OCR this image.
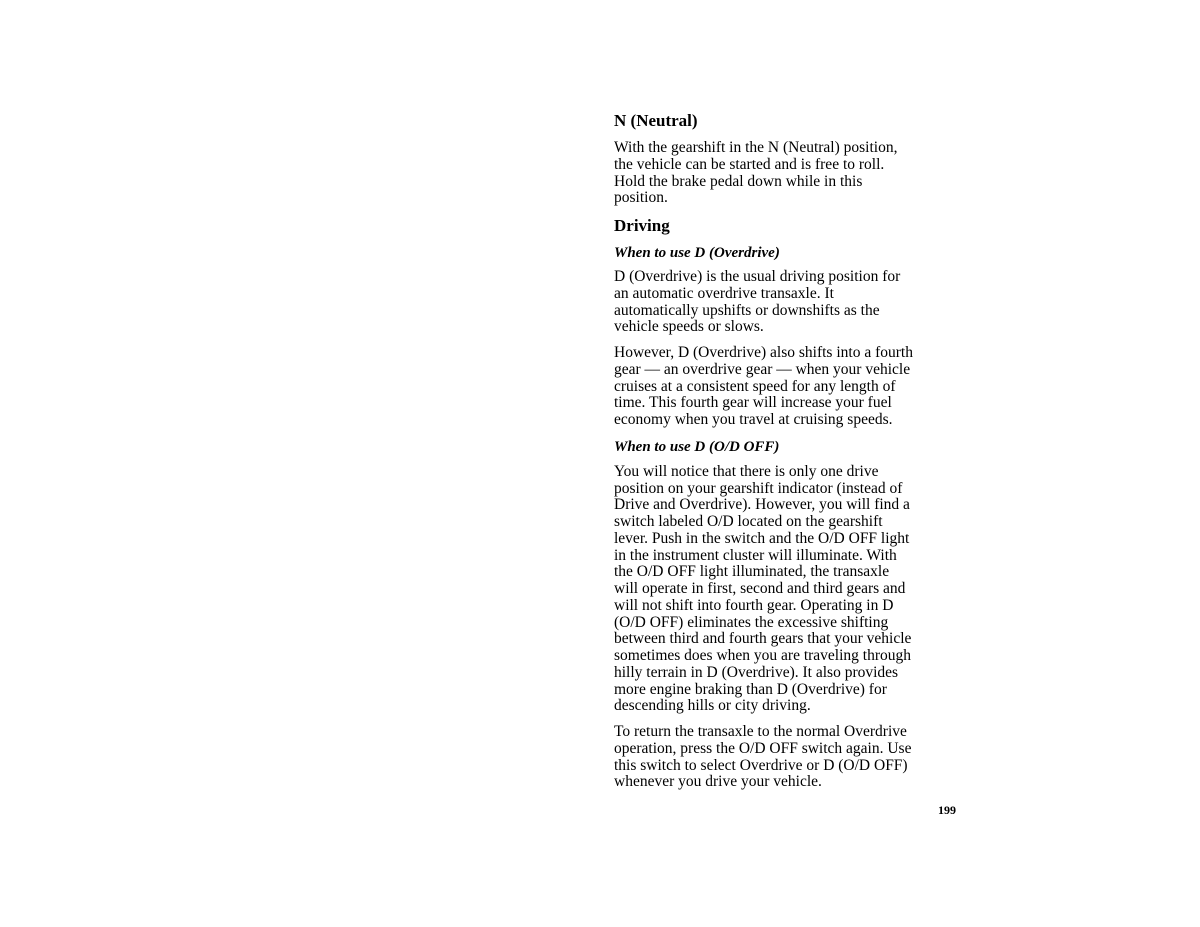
N (Neutral)

With the gearshift in the N (Neutral) position,
the vehicle can be started and is free to roll.
Hold the brake pedal down while in this
position.

Driving
When to use D (Overdrive)

D (Overdrive) is the usual driving position for
an automatic overdrive transaxle. It
automatically upshifts or downshifts as the
vehicle speeds or slows.

However, D (Overdrive) also shifts into a fourth
gear — an overdrive gear — when your vehicle
cruises at a consistent speed for any length of
time. This fourth gear will increase your fuel
economy when you travel at cruising speeds.

When to use D (O/D OFF)

You will notice that there is only one drive
position on your gearshift indicator (instead of
Drive and Overdrive). However, you will find a
switch labeled O/D located on the gearshift
lever. Push in the switch and the O/D OFF light
in the instrument cluster will illuminate. With
the O/D OFF light illuminated, the transaxle
will operate in first, second and third gears and
will not shift into fourth gear. Operating in D
(O/D OFF) eliminates the excessive shifting
between third and fourth gears that your vehicle
sometimes does when you are traveling through
hilly terrain in D (Overdrive). It also provides
more engine braking than D (Overdrive) for
descending hills or city driving.

To return the transaxle to the normal Overdrive
operation, press the O/D OFF switch again. Use
this switch to select Overdrive or D (O/D OFF)
whenever you drive your vehicle.

199
